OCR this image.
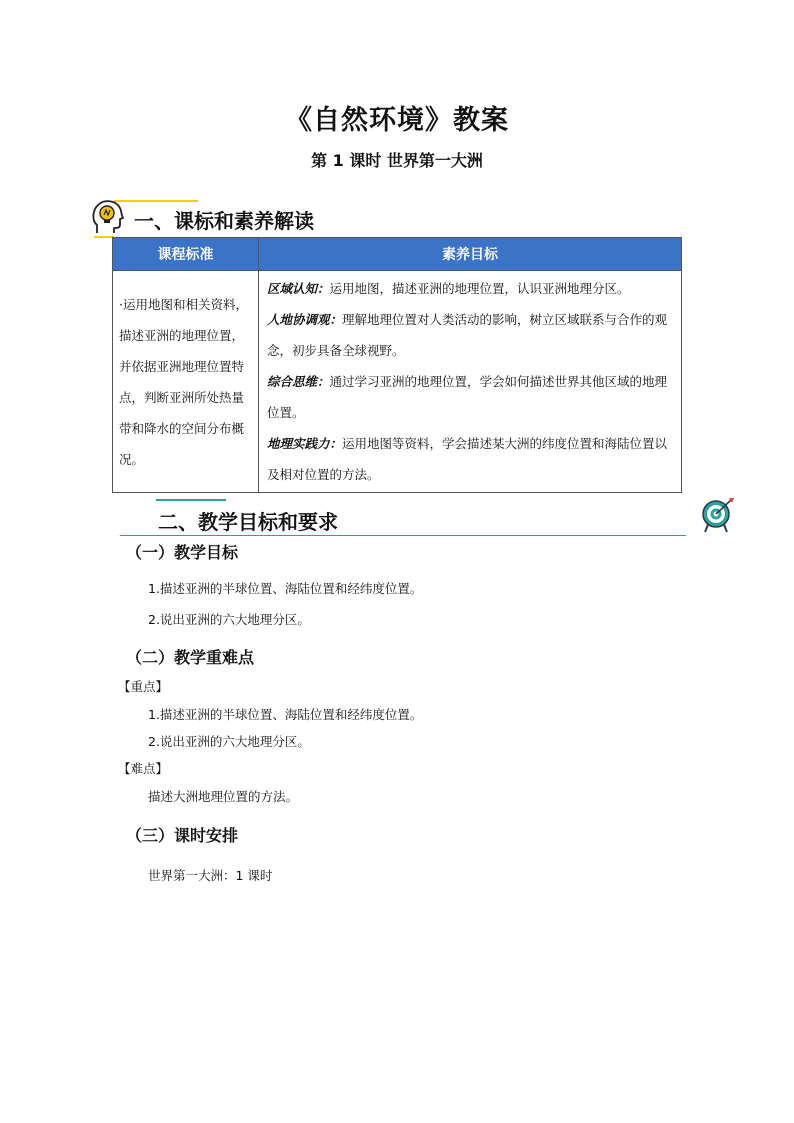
《自然环境》教案
第 1 课时 世界第一大洲
一、课标和素养解读
课程标准	素养目标
·运用地图和相关资料，描述亚洲的地理位置，并依据亚洲地理位置特点，判断亚洲所处热量带和降水的空间分布概况。	区域认知：运用地图，描述亚洲的地理位置，认识亚洲地理分区。

人地协调观：理解地理位置对人类活动的影响，树立区域联系与合作的观念，初步具备全球视野。

综合思维：通过学习亚洲的地理位置，学会如何描述世界其他区域的地理位置。

地理实践力：运用地图等资料，学会描述某大洲的纬度位置和海陆位置以及相对位置的方法。

二、教学目标和要求
（一）教学目标
1.描述亚洲的半球位置、海陆位置和经纬度位置。
2.说出亚洲的六大地理分区。
（二）教学重难点
【重点】
1.描述亚洲的半球位置、海陆位置和经纬度位置。
2.说出亚洲的六大地理分区。
【难点】
描述大洲地理位置的方法。
（三）课时安排
世界第一大洲：1 课时
